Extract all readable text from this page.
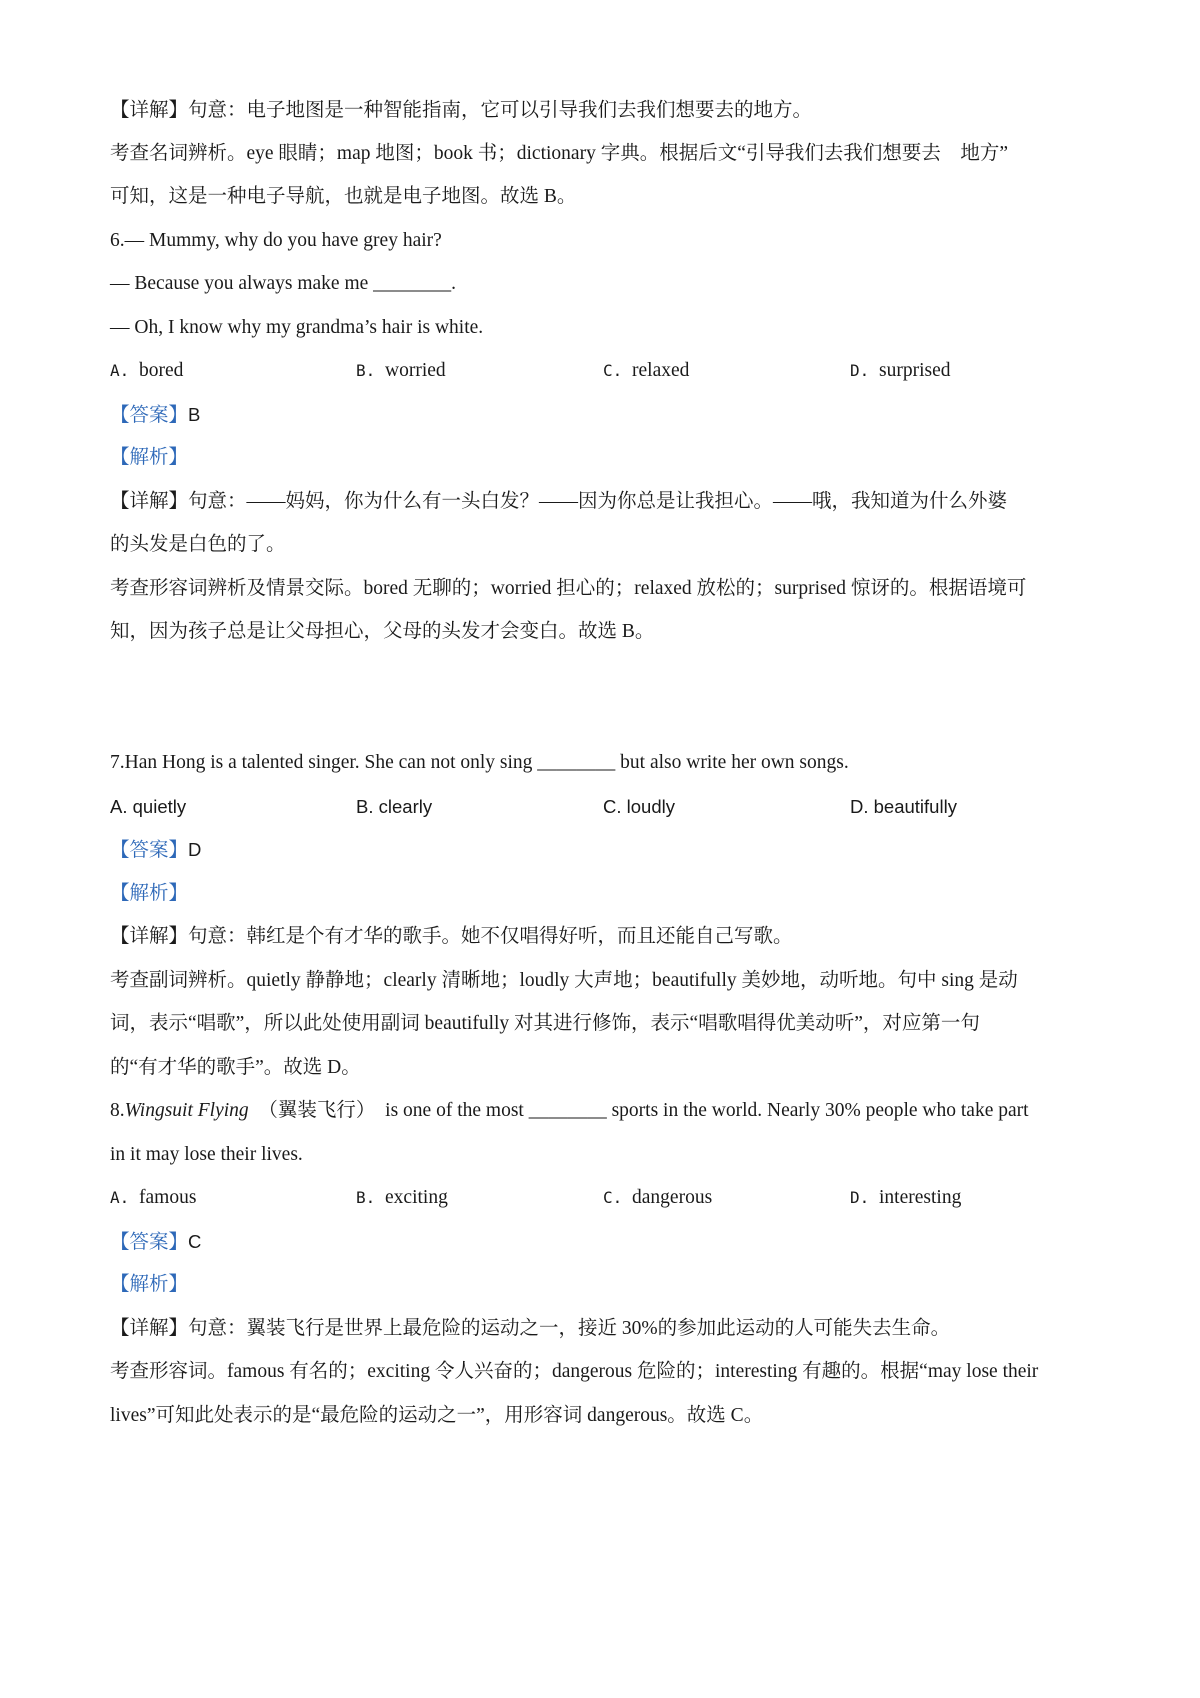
【详解】句意：电子地图是一种智能指南，它可以引导我们去我们想要去的地方。
考查名词辨析。eye 眼睛；map 地图；book 书；dictionary 字典。根据后文“引导我们去我们想要去    地方”
可知，这是一种电子导航，也就是电子地图。故选 B。
6.— Mummy, why do you have grey hair?
— Because you always make me ________.
— Oh, I know why my grandma’s hair is white.
A. bored	B. worried	C. relaxed	D. surprised
【答案】B
【解析】
【详解】句意：——妈妈，你为什么有一头白发？——因为你总是让我担心。——哦，我知道为什么外婆
的头发是白色的了。
考查形容词辨析及情景交际。bored 无聊的；worried 担心的；relaxed 放松的；surprised 惊讶的。根据语境可
知，因为孩子总是让父母担心，父母的头发才会变白。故选 B。
7.Han Hong is a talented singer. She can not only sing ________ but also write her own songs.
A. quietly	B. clearly	C. loudly	D. beautifully
【答案】D
【解析】
【详解】句意：韩红是个有才华的歌手。她不仅唱得好听，而且还能自己写歌。
考查副词辨析。quietly 静静地；clearly 清晰地；loudly 大声地；beautifully 美妙地，动听地。句中 sing 是动
词，表示“唱歌”，所以此处使用副词 beautifully 对其进行修饰，表示“唱歌唱得优美动听”，对应第一句
的“有才华的歌手”。故选 D。
8.Wingsuit Flying  （翼装飞行）  is one of the most ________ sports in the world. Nearly 30% people who take part
in it may lose their lives.
A. famous	B. exciting	C. dangerous	D. interesting
【答案】C
【解析】
【详解】句意：翼装飞行是世界上最危险的运动之一，接近 30%的参加此运动的人可能失去生命。
考查形容词。famous 有名的；exciting 令人兴奋的；dangerous 危险的；interesting 有趣的。根据“may lose their
lives”可知此处表示的是“最危险的运动之一”，用形容词 dangerous。故选 C。
